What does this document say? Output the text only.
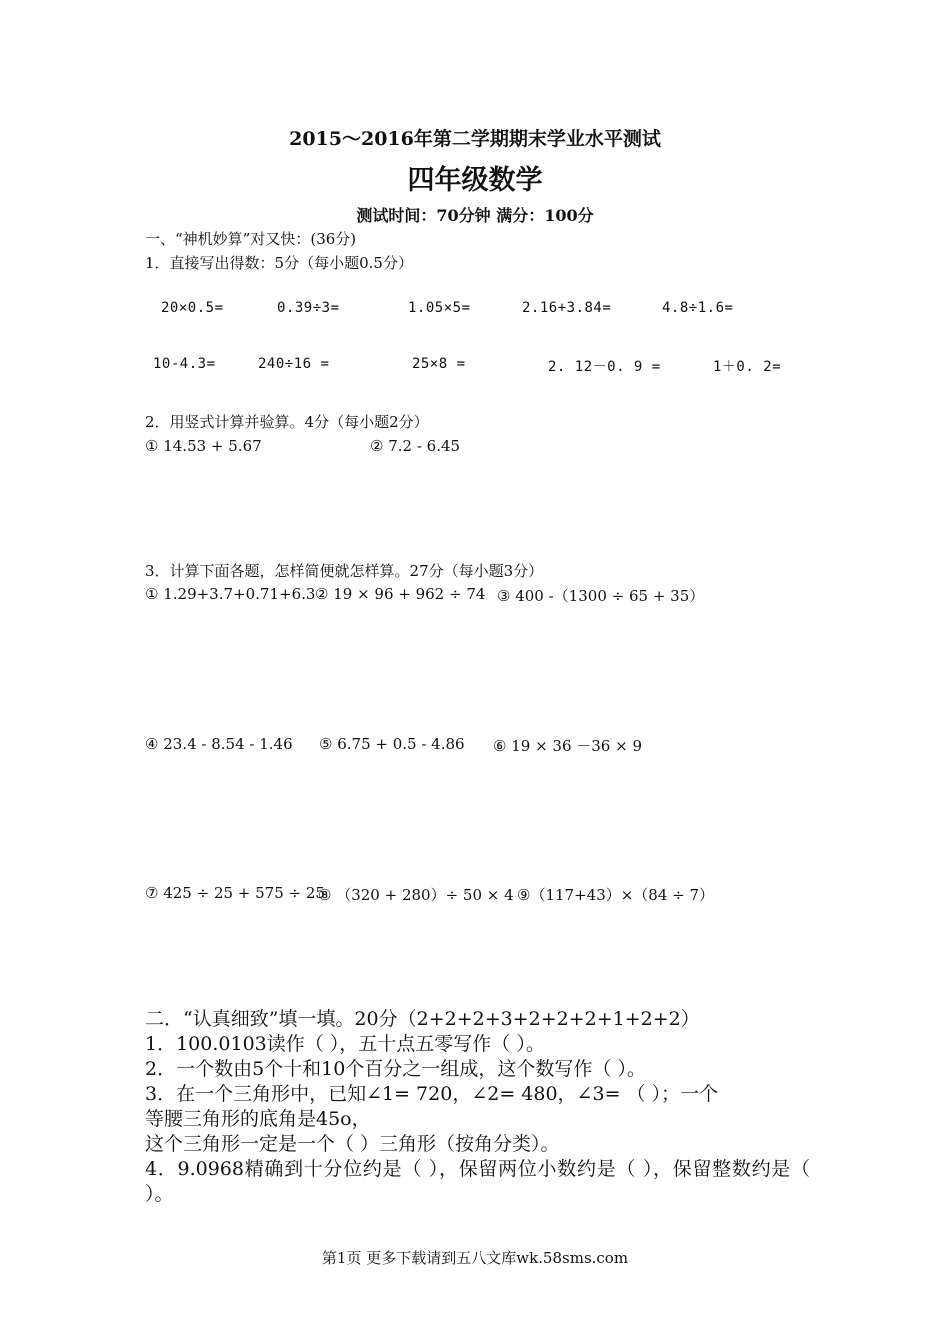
2015～2016年第二学期期末学业水平测试
四年级数学
测试时间：70分钟 满分：100分
一、“神机妙算”对又快：(36分)
1．直接写出得数：5分（每小题0.5分）
20×0.5=	0.39÷3=	1.05×5=	2.16+3.84=	4.8÷1.6=
10-4.3=	240÷16 =	25×8 =	2. 12－0. 9 =	1＋0. 2=
2．用竖式计算并验算。4分（每小题2分）
① 14.53 + 5.67	② 7.2 - 6.45
3．计算下面各题，怎样简便就怎样算。27分（每小题3分）
① 1.29+3.7+0.71+6.3 ② 19 × 96 + 962 ÷ 74 ③ 400 -（1300 ÷ 65 + 35）
④ 23.4 - 8.54 - 1.46 ⑤ 6.75 + 0.5 - 4.86 ⑥ 19 × 36 －36 × 9
⑦ 425 ÷ 25 + 575 ÷ 25
⑧ （320 + 280）÷ 50 × 4 ⑨（117+43）×（84 ÷ 7）
二．“认真细致”填一填。20分（2+2+2+3+2+2+2+1+2+2）
1．100.0103读作（ ），五十点五零写作（ ）。
2．一个数由5个十和10个百分之一组成，这个数写作（ ）。
3．在一个三角形中，已知∠1= 720，∠2= 480，∠3= （ ）；一个
等腰三角形的底角是45o，
这个三角形一定是一个（ ）三角形（按角分类）。
4．9.0968精确到十分位约是（ ），保留两位小数约是（ ），保留整数约是（ ）。
第1页 更多下载请到五八文库wk.58sms.com
